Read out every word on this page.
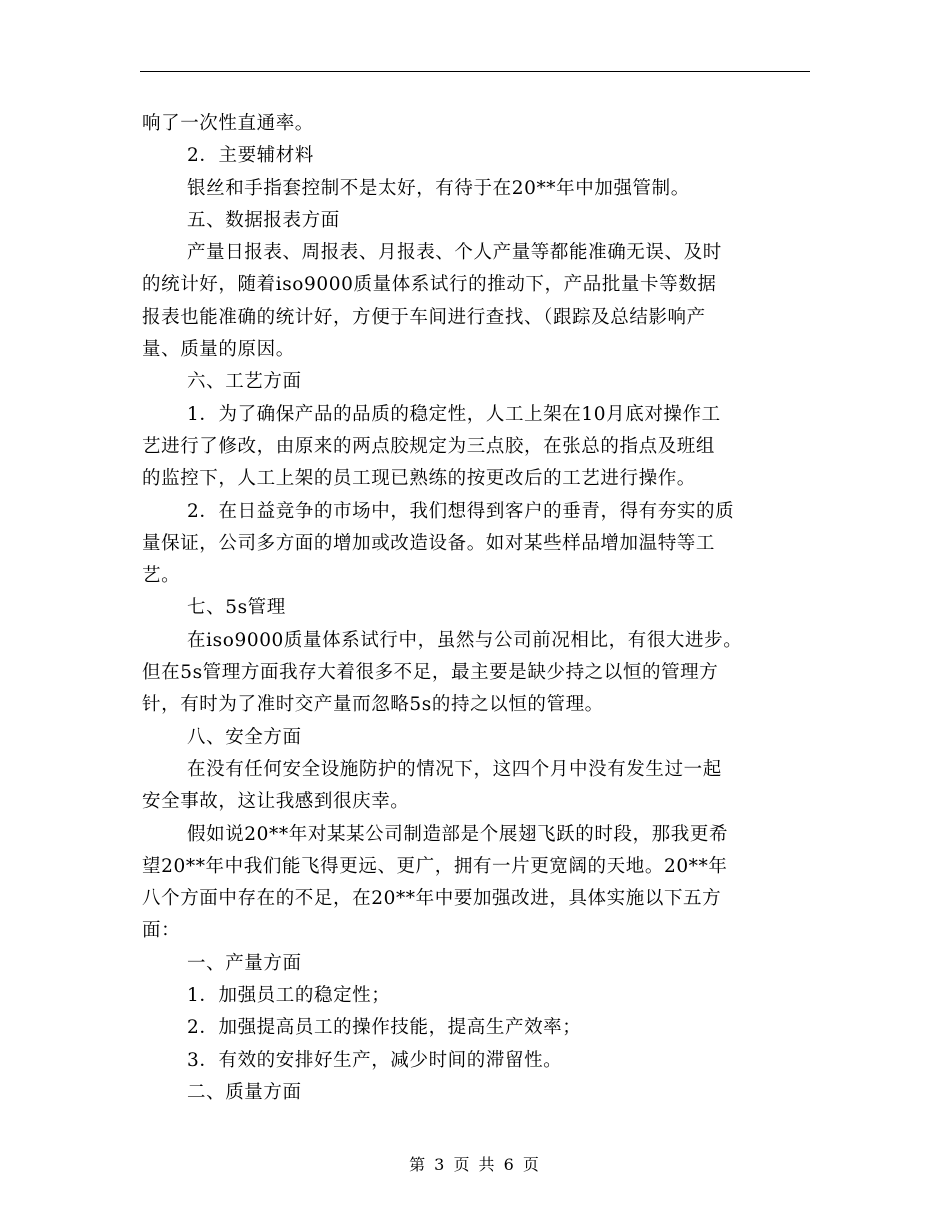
响了一次性直通率。
2．主要辅材料
银丝和手指套控制不是太好，有待于在20**年中加强管制。
五、数据报表方面
产量日报表、周报表、月报表、个人产量等都能准确无误、及时
的统计好，随着iso9000质量体系试行的推动下，产品批量卡等数据
报表也能准确的统计好，方便于车间进行查找、（跟踪及总结影响产
量、质量的原因。
六、工艺方面
1．为了确保产品的品质的稳定性，人工上架在10月底对操作工
艺进行了修改，由原来的两点胶规定为三点胶，在张总的指点及班组
的监控下，人工上架的员工现已熟练的按更改后的工艺进行操作。
2．在日益竞争的市场中，我们想得到客户的垂青，得有夯实的质
量保证，公司多方面的增加或改造设备。如对某些样品增加温特等工
艺。
七、5s管理
在iso9000质量体系试行中，虽然与公司前况相比，有很大进步。
但在5s管理方面我存大着很多不足，最主要是缺少持之以恒的管理方
针，有时为了准时交产量而忽略5s的持之以恒的管理。
八、安全方面
在没有任何安全设施防护的情况下，这四个月中没有发生过一起
安全事故，这让我感到很庆幸。
假如说20**年对某某公司制造部是个展翅飞跃的时段，那我更希
望20**年中我们能飞得更远、更广，拥有一片更宽阔的天地。20**年
八个方面中存在的不足，在20**年中要加强改进，具体实施以下五方
面：
一、产量方面
1．加强员工的稳定性；
2．加强提高员工的操作技能，提高生产效率；
3．有效的安排好生产，减少时间的滞留性。
二、质量方面
第 3 页 共 6 页
